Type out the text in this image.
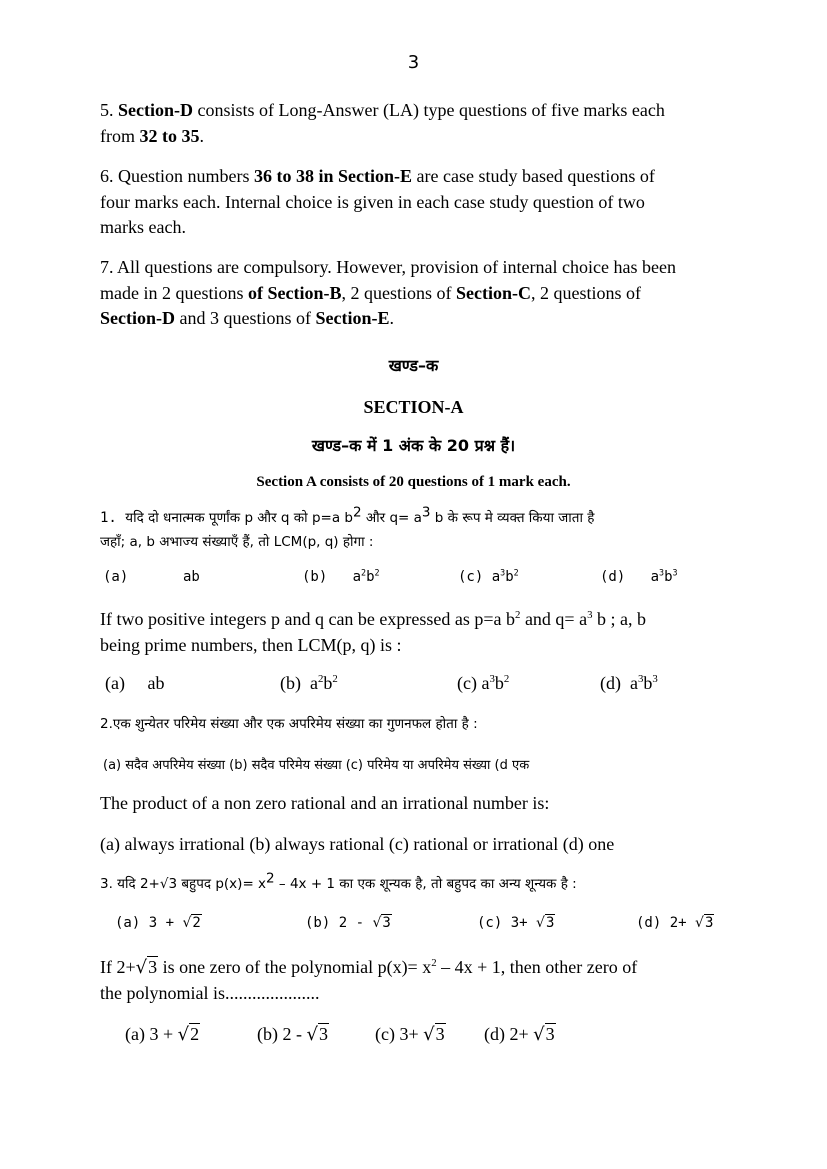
3
5. Section-D consists of Long-Answer (LA) type questions of five marks each
from 32 to 35.
6. Question numbers 36 to 38 in Section-E are case study based questions of
four marks each. Internal choice is given in each case study question of two
marks each.
7. All questions are compulsory. However, provision of internal choice has been
made in 2 questions of Section-B, 2 questions of Section-C, 2 questions of
Section-D and 3 questions of Section-E.
खण्ड–क
SECTION-A
खण्ड–क में 1 अंक के 20 प्रश्न हैं।
Section A consists of 20 questions of 1 mark each.
1. यदि दो धनात्मक पूर्णांक p और q को p=a $b^2$ और $q= a^3$ b के रूप मे व्यक्त किया जाता है
जहाँ; a, b अभाज्य संख्याएँ हैं, तो LCM(p, q) होगा :
(a)	ab	(b) $a^2b^2$	(c) $a^3b^2$	(d) $a^3b^3$
If two positive integers p and q can be expressed as p=a $b^2$ and $q= a^3$ b ; a, b
being prime numbers, then LCM(p, q) is :
(a) ab	(b) $a^2b^2$	(c) $a^3b^2$	(d) $a^3b^3$
2.एक शुन्येतर परिमेय संख्या और एक अपरिमेय संख्या का गुणनफल होता है :
(a) सदैव अपरिमेय संख्या (b) सदैव परिमेय संख्या (c) परिमेय या अपरिमेय संख्या (d एक
The product of a non zero rational and an irrational number is:
(a) always irrational (b) always rational (c) rational or irrational (d) one
3. यदि 2+√3 बहुपद $p(x)= x^2 - 4x + 1$ का एक शून्यक है, तो बहुपद का अन्य शून्यक है :
(a) 3 + √2	(b) 2 - √3	(c) 3+ √3	(d) 2+ √3
If 2+√3 is one zero of the polynomial $p(x)= x^2 - 4x + 1$, then other zero of
the polynomial is.....................
(a) 3 + √2	(b) 2 - √3	(c) 3+ √3 (d) 2+ √3
